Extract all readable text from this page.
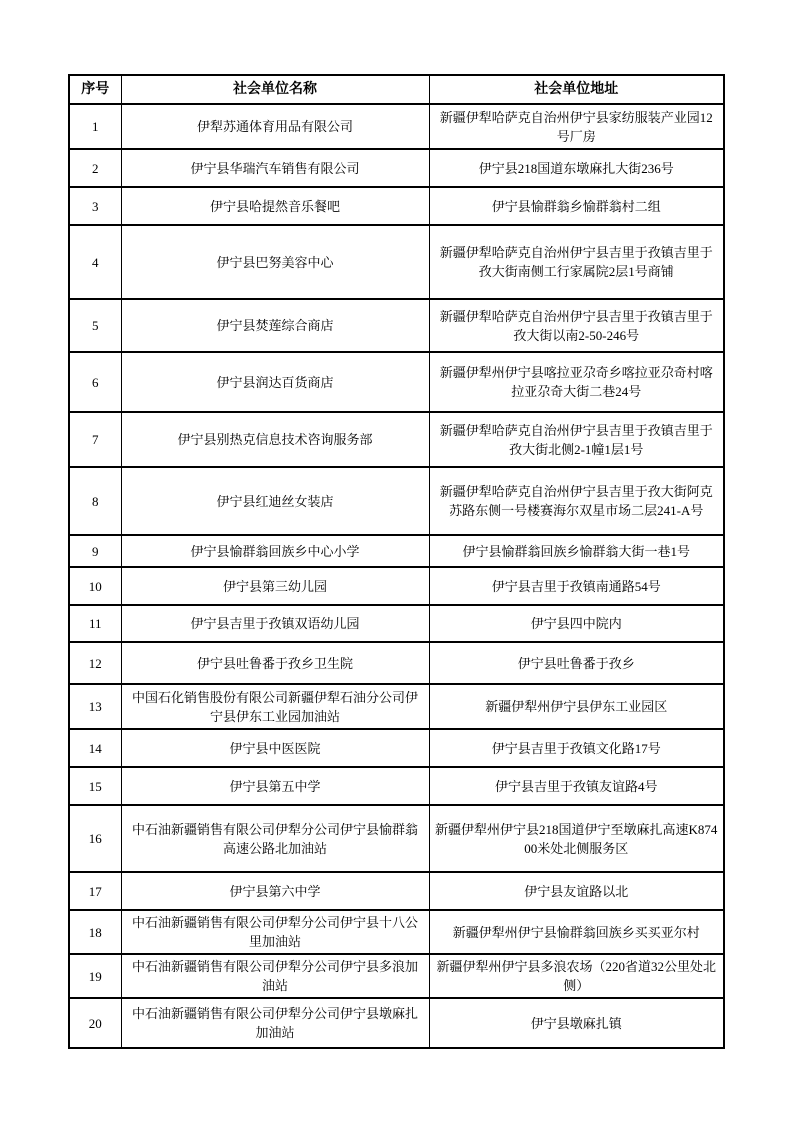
序号	社会单位名称	社会单位地址
1	伊犁苏通体育用品有限公司	新疆伊犁哈萨克自治州伊宁县家纺服装产业园12号厂房
2	伊宁县华瑞汽车销售有限公司	伊宁县218国道东墩麻扎大街236号
3	伊宁县哈提然音乐餐吧	伊宁县愉群翁乡愉群翁村二组
4	伊宁县巴努美容中心	新疆伊犁哈萨克自治州伊宁县吉里于孜镇吉里于孜大街南侧工行家属院2层1号商铺
5	伊宁县焚莲综合商店	新疆伊犁哈萨克自治州伊宁县吉里于孜镇吉里于孜大街以南2-50-246号
6	伊宁县润达百货商店	新疆伊犁州伊宁县喀拉亚尕奇乡喀拉亚尕奇村喀拉亚尕奇大街二巷24号
7	伊宁县别热克信息技术咨询服务部	新疆伊犁哈萨克自治州伊宁县吉里于孜镇吉里于孜大街北侧2-1幢1层1号
8	伊宁县红迪丝女装店	新疆伊犁哈萨克自治州伊宁县吉里于孜大街阿克苏路东侧一号楼赛海尔双星市场二层241-A号
9	伊宁县愉群翁回族乡中心小学	伊宁县愉群翁回族乡愉群翁大街一巷1号
10	伊宁县第三幼儿园	伊宁县吉里于孜镇南通路54号
11	伊宁县吉里于孜镇双语幼儿园	伊宁县四中院内
12	伊宁县吐鲁番于孜乡卫生院	伊宁县吐鲁番于孜乡
13	中国石化销售股份有限公司新疆伊犁石油分公司伊宁县伊东工业园加油站	新疆伊犁州伊宁县伊东工业园区
14	伊宁县中医医院	伊宁县吉里于孜镇文化路17号
15	伊宁县第五中学	伊宁县吉里于孜镇友谊路4号
16	中石油新疆销售有限公司伊犁分公司伊宁县愉群翁高速公路北加油站	新疆伊犁州伊宁县218国道伊宁至墩麻扎高速K87400米处北侧服务区
17	伊宁县第六中学	伊宁县友谊路以北
18	中石油新疆销售有限公司伊犁分公司伊宁县十八公里加油站	新疆伊犁州伊宁县愉群翁回族乡买买亚尔村
19	中石油新疆销售有限公司伊犁分公司伊宁县多浪加油站	新疆伊犁州伊宁县多浪农场（220省道32公里处北侧）
20	中石油新疆销售有限公司伊犁分公司伊宁县墩麻扎加油站	伊宁县墩麻扎镇
